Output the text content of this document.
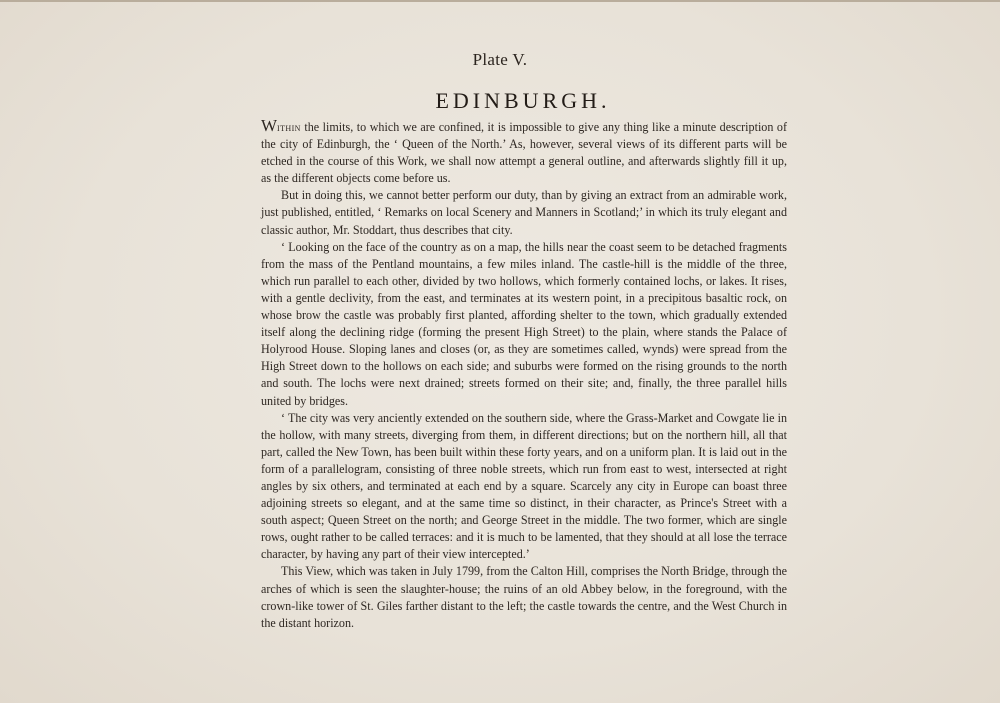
Plate V.
EDINBURGH.

Within the limits, to which we are confined, it is impossible to give any thing like a minute description of the city of Edinburgh, the ‘ Queen of the North.’ As, however, several views of its different parts will be etched in the course of this Work, we shall now attempt a general outline, and afterwards slightly fill it up, as the different objects come before us.

But in doing this, we cannot better perform our duty, than by giving an extract from an admirable work, just published, entitled, ‘ Remarks on local Scenery and Manners in Scotland;’ in which its truly elegant and classic author, Mr. Stoddart, thus describes that city.

‘ Looking on the face of the country as on a map, the hills near the coast seem to be detached fragments from the mass of the Pentland mountains, a few miles inland. The castle-hill is the middle of the three, which run parallel to each other, divided by two hollows, which formerly contained lochs, or lakes. It rises, with a gentle declivity, from the east, and terminates at its western point, in a precipitous basaltic rock, on whose brow the castle was probably first planted, affording shelter to the town, which gradually extended itself along the declining ridge (forming the present High Street) to the plain, where stands the Palace of Holyrood House. Sloping lanes and closes (or, as they are sometimes called, wynds) were spread from the High Street down to the hollows on each side; and suburbs were formed on the rising grounds to the north and south. The lochs were next drained; streets formed on their site; and, finally, the three parallel hills united by bridges.

‘ The city was very anciently extended on the southern side, where the Grass-Market and Cowgate lie in the hollow, with many streets, diverging from them, in different directions; but on the northern hill, all that part, called the New Town, has been built within these forty years, and on a uniform plan. It is laid out in the form of a parallelogram, consisting of three noble streets, which run from east to west, intersected at right angles by six others, and terminated at each end by a square. Scarcely any city in Europe can boast three adjoining streets so elegant, and at the same time so distinct, in their character, as Prince's Street with a south aspect; Queen Street on the north; and George Street in the middle. The two former, which are single rows, ought rather to be called terraces: and it is much to be lamented, that they should at all lose the terrace character, by having any part of their view intercepted.’

This View, which was taken in July 1799, from the Calton Hill, comprises the North Bridge, through the arches of which is seen the slaughter-house; the ruins of an old Abbey below, in the foreground, with the crown-like tower of St. Giles farther distant to the left; the castle towards the centre, and the West Church in the distant horizon.
